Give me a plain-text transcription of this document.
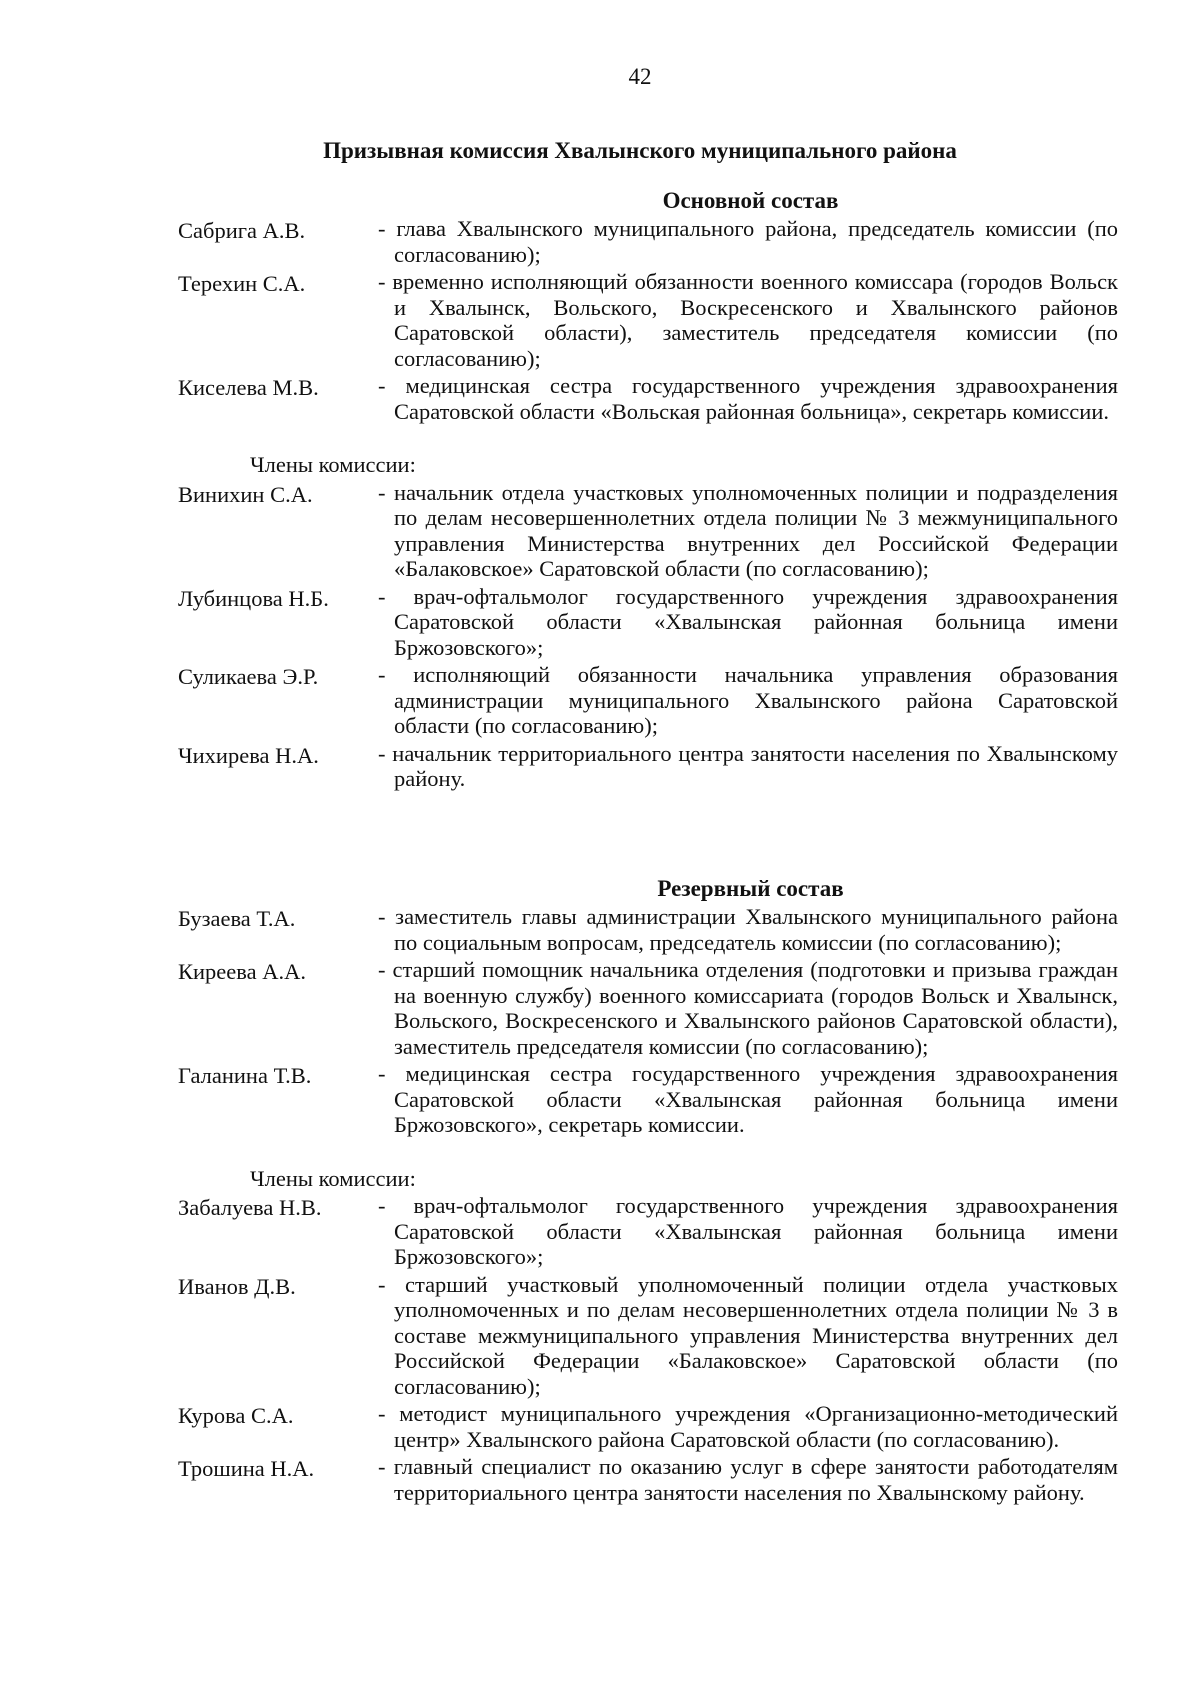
42
Призывная комиссия Хвалынского муниципального района
Основной состав
Сабрига А.В.	- глава Хвалынского муниципального района, председатель комиссии (по согласованию);
Терехин С.А.	- временно исполняющий обязанности военного комиссара (городов Вольск и Хвалынск, Вольского, Воскресенского и Хвалынского районов Саратовской области), заместитель председателя комиссии (по согласованию);
Киселева М.В.	- медицинская сестра государственного учреждения здравоохранения Саратовской области «Вольская районная больница», секретарь комиссии.
Члены комиссии:
Винихин С.А.	- начальник отдела участковых уполномоченных полиции и подразделения по делам несовершеннолетних отдела полиции № 3 межмуниципального управления Министерства внутренних дел Российской Федерации «Балаковское» Саратовской области (по согласованию);
Лубинцова Н.Б.	- врач-офтальмолог государственного учреждения здравоохранения Саратовской области «Хвалынская районная больница имени Бржозовского»;
Суликаева Э.Р.	- исполняющий обязанности начальника управления образования администрации муниципального Хвалынского района Саратовской области (по согласованию);
Чихирева Н.А.	- начальник территориального центра занятости населения по Хвалынскому району.
Резервный состав
Бузаева Т.А.	- заместитель главы администрации Хвалынского муниципального района по социальным вопросам, председатель комиссии (по согласованию);
Киреева А.А.	- старший помощник начальника отделения (подготовки и призыва граждан на военную службу) военного комиссариата (городов Вольск и Хвалынск, Вольского, Воскресенского и Хвалынского районов Саратовской области), заместитель председателя комиссии (по согласованию);
Галанина Т.В.	- медицинская сестра государственного учреждения здравоохранения Саратовской области «Хвалынская районная больница имени Бржозовского», секретарь комиссии.
Члены комиссии:
Забалуева Н.В.	- врач-офтальмолог государственного учреждения здравоохранения Саратовской области «Хвалынская районная больница имени Бржозовского»;
Иванов Д.В.	- старший участковый уполномоченный полиции отдела участковых уполномоченных и по делам несовершеннолетних отдела полиции № 3 в составе межмуниципального управления Министерства внутренних дел Российской Федерации «Балаковское» Саратовской области (по согласованию);
Курова С.А.	- методист муниципального учреждения «Организационно-методический центр» Хвалынского района Саратовской области (по согласованию).
Трошина Н.А.	- главный специалист по оказанию услуг в сфере занятости работодателям территориального центра занятости населения по Хвалынскому району.
